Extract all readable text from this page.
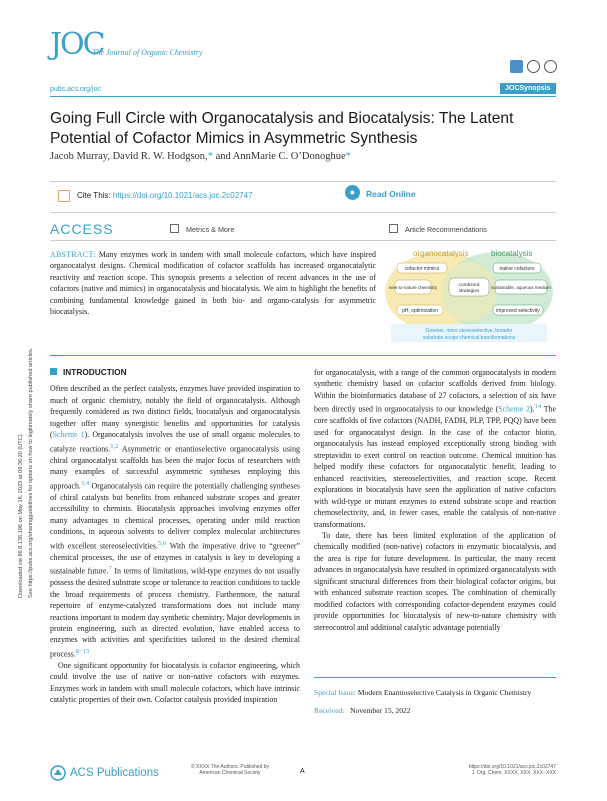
JOC
The Journal of Organic Chemistry
pubs.acs.org/joc	JOCSynopsis
Going Full Circle with Organocatalysis and Biocatalysis: The Latent
Potential of Cofactor Mimics in Asymmetric Synthesis
Jacob Murray, David R. W. Hodgson,* and AnnMarie C. O’Donoghue*
Cite This: https://doi.org/10.1021/acs.joc.2c02747	●	Read Online
ACCESS	Metrics & More	Article Recommendations
ABSTRACT: Many enzymes work in tandem with small molecule cofactors, which have inspired organocatalyst designs. Chemical modification of cofactor scaffolds has increased organocatalytic reactivity and reaction scope. This synopsis presents a selection of recent advances in the use of cofactors (native and mimics) in organocatalysis and biocatalysis. We aim to highlight the benefits of combining fundamental knowledge gained in both bio- and organo-catalysis for asymmetric biocatalysis.
organocatalysis	biocatalysis
cofactor mimics
new-to-nature chemistry
pH, optimization
combined
strategies
native cofactors
sustainable, aqueous medium
improved selectivity
Greener, more stereoselective, broader
substrate scope chemical transformations
Downloaded via 86.8.136.196 on May 16, 2023 at 09:36:20 (UTC). See https://pubs.acs.org/sharingguidelines for options on how to legitimately share published articles.	INTRODUCTION

Often described as the perfect catalysts, enzymes have provided inspiration to much of organic chemistry, notably the field of organocatalysis. Although frequently considered as two distinct fields, biocatalysis and organocatalysis together offer many synergistic benefits and opportunities for catalysis (Scheme 1). Organocatalysis involves the use of small organic molecules to catalyze reactions.$^{1,2}$ Asymmetric or enantioselective organocatalysis using chiral organocatalyst scaffolds has been the major focus of researchers with many examples of successful asymmetric syntheses employing this approach.$^{3,4}$ Organocatalysis can require the potentially challenging syntheses of chiral catalysts but benefits from enhanced substrate scopes and greater accessibility to chemists. Biocatalysis approaches involving enzymes offer many advantages to chemical processes, operating under mild reaction conditions, in aqueous solvents to deliver complex molecular architectures with excellent stereoselectivities.$^{5,6}$ With the imperative drive to “greener” chemical processes, the use of enzymes in catalysis is key to developing a sustainable future.$^7$ In terms of limitations, wild-type enzymes do not usually possess the desired substrate scope or tolerance to reaction conditions to tackle the broad requirements of process chemistry. Furthermore, the natural repertoire of enzyme-catalyzed transformations does not include many reactions important to modern day synthetic chemistry. Major developments in protein engineering, such as directed evolution, have enabled access to enzymes with activities and specificities tailored to the desired chemical process.$^{8-13}$

One significant opportunity for biocatalysis is cofactor engineering, which could involve the use of native or non-native cofactors with enzymes. Enzymes work in tandem with small molecule cofactors, which have intrinsic catalytic properties of their own. Cofactor catalysis provided inspiration

for organocatalysis, with a range of the common organocatalysts in modern synthetic chemistry based on cofactor scaffolds derived from biology. Within the bioinformatics database of 27 cofactors, a selection of six have been directly used in organocatalysis to our knowledge (Scheme 2).$^{14}$ The core scaffolds of five cofactors (NADH, FADH, PLP, TPP, PQQ) have been used for organocatalyst design. In the case of the cofactor biotin, organocatalysis has instead employed exceptionally strong binding with streptavidin to exert control on reaction outcome. Chemical intuition has helped modify these cofactors for organocatalytic benefit, leading to enhanced reactivities, stereoselectivities, and reaction scope. Recent explorations in biocatalysis have seen the application of native cofactors with wild-type or mutant enzymes to extend substrate scope and reaction chemoselectivity, and, in fewer cases, enable the catalysis of non-native transformations.

To date, there has been limited exploration of the application of chemically modified (non-native) cofactors in enzymatic biocatalysis, and the area is ripe for future development. In particular, the many recent advances in organocatalysis have resulted in optimized organocatalysts with significant structural differences from their biological cofactor origins, but with enhanced substrate reaction scopes. The combination of chemically modified cofactors with corresponding cofactor-dependent enzymes could provide opportunities for biocatalysis of new-to-nature chemistry with stereocontrol and additional catalytic advantage potentially

Special Issue: Modern Enantioselective Catalysis in Organic Chemistry
Received: November 15, 2022
ACS Publications	© XXXX The Authors. Published by
American Chemical Society	A
https://doi.org/10.1021/acs.joc.2c02747
J. Org. Chem. XXXX, XXX, XXX−XXX
